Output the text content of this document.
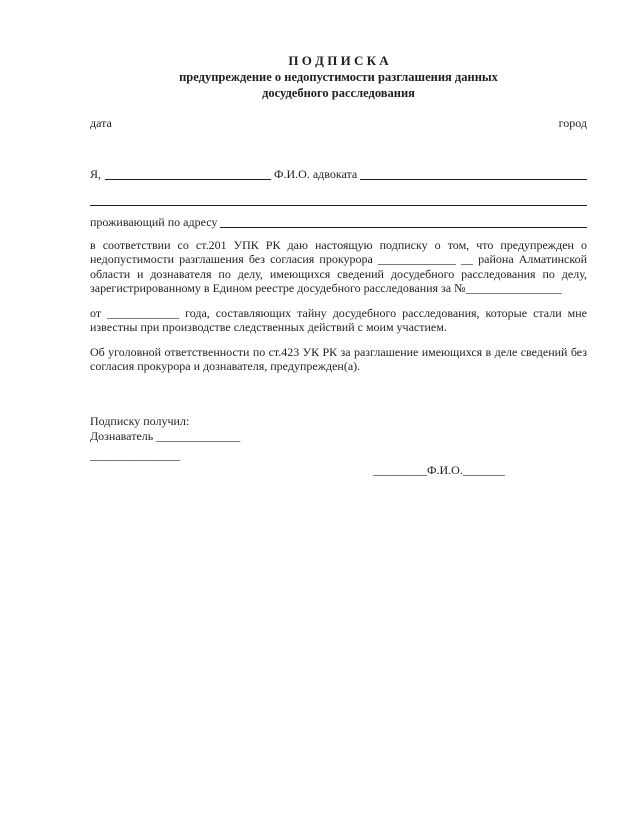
П О Д П И С К А
предупреждение о недопустимости разглашения данных
досудебного расследования
дата	город
Я,	Ф.И.О. адвоката
проживающий по адресу

в соответствии со ст.201 УПК РК даю настоящую подписку о том, что предупрежден о недопустимости разглашения без согласия прокурора _____________ __ района Алматинской области и дознавателя по делу, имеющихся сведений досудебного расследования по делу, зарегистрированному в Едином реестре досудебного расследования за №________________

от ____________ года, составляющих тайну досудебного расследования, которые стали мне известны при производстве следственных действий с моим участием.

Об уголовной ответственности по ст.423 УК РК за разглашение имеющихся в деле сведений без согласия прокурора и дознавателя, предупрежден(а).

Подписку получил:
Дознаватель ______________
_______________
_________Ф.И.О._______
